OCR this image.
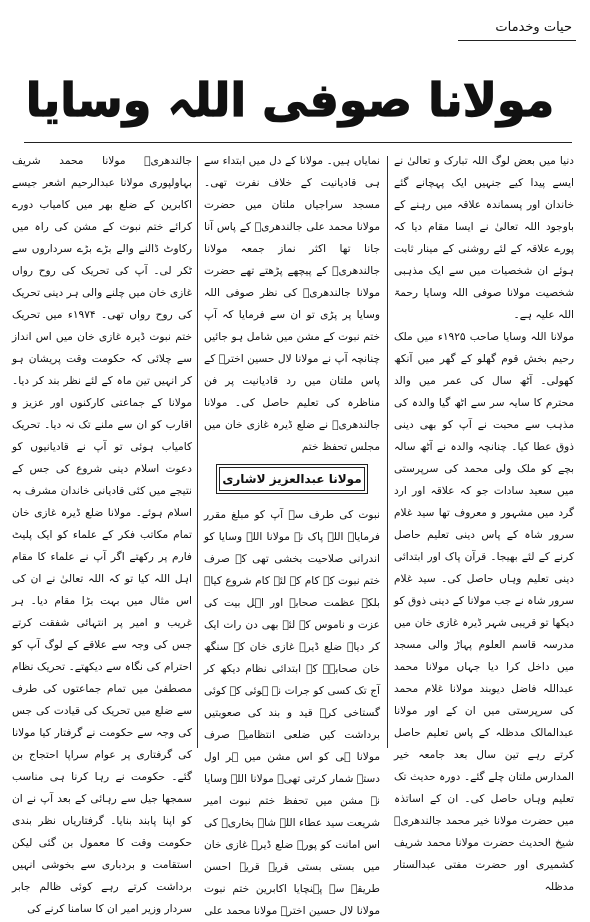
حیات وخدمات
مولانا صوفی اللہ وسایا

دنیا میں بعض لوگ اللہ تبارک و تعالیٰ نے ایسے پیدا کیے جنہیں ایک پہچانے گئے خاندان اور پسماندہ علاقہ میں رہنے کے باوجود اللہ تعالیٰ نے ایسا مقام دیا کہ پورے علاقہ کے لئے روشنی کے مینار ثابت ہوئے ان شخصیات میں سے ایک مذہبی شخصیت مولانا صوفی اللہ وسایا رحمۃ اللہ علیہ ہے۔

مولانا اللہ وسایا صاحب ۱۹۲۵ء میں ملک رحیم بخش قوم گھلو کے گھر میں آنکھ کھولی۔ آٹھ سال کی عمر میں والد محترم کا سایہ سر سے اٹھ گیا والدہ کی مذہب سے محبت نے آپ کو بھی دینی ذوق عطا کیا۔ چنانچہ والدہ نے آٹھ سالہ بچے کو ملک ولی محمد کی سرپرستی میں سعید سادات جو کہ علاقہ اور ارد گرد میں مشہور و معروف تھا سید غلام سرور شاہ کے پاس دینی تعلیم حاصل کرنے کے لئے بھیجا۔ قرآن پاک اور ابتدائی دینی تعلیم وہاں حاصل کی۔ سید غلام سرور شاہ نے جب مولانا کے دینی ذوق کو دیکھا تو قریبی شہر ڈیرہ غازی خان میں مدرسہ قاسم العلوم پہاڑ والی مسجد میں داخل کرا دیا جہاں مولانا محمد عبداللہ فاضل دیوبند مولانا غلام محمد کی سرپرستی میں ان کے اور مولانا عبدالمالک مدظلہ کے پاس تعلیم حاصل کرتے رہے تین سال بعد جامعہ خیر المدارس ملتان چلے گئے۔ دورہ حدیث تک تعلیم وہاں حاصل کی۔ ان کے اساتذہ میں حضرت مولانا خیر محمد جالندھریؒ شیخ الحدیث حضرت مولانا محمد شریف کشمیری اور حضرت مفتی عبدالستار مدظلہ

نمایاں ہیں۔ مولانا کے دل میں ابتداء سے ہی قادیانیت کے خلاف نفرت تھی۔ مسجد سراجیاں ملتان میں حضرت مولانا محمد علی جالندھریؒ کے پاس آنا جانا تھا اکثر نماز جمعہ مولانا جالندھریؒ کے پیچھے پڑھتے تھے حضرت مولانا جالندھریؒ کی نظر صوفی اللہ وسایا پر پڑی تو ان سے فرمایا کہ آپ ختم نبوت کے مشن میں شامل ہو جائیں چنانچہ آپ نے مولانا لال حسین اخترؒ کے پاس ملتان میں رد قادیانیت پر فن مناظرہ کی تعلیم حاصل کی۔ مولانا جالندھریؒ نے ضلع ڈیرہ غازی خان میں مجلس تحفظ ختم

مولانا عبدالعزیز لاشاری

نبوت کی طرف سے آپ کو مبلغ مقرر فرمایا۔ اللہ پاک نے مولانا اللہ وسایا کو اندرانی صلاحیت بخشی تھی کہ صرف ختم نبوت کے کام کے لئے کام شروع کیا۔ بلکہ عظمت صحابہ اور اہل بیت کی عزت و ناموس کے لئے بھی دن رات ایک کر دیا۔ ضلع ڈیرہ غازی خان کے سنگھ خان صحابہؓ کے ابتدائی نظام دیکھ کر آج تک کسی کو جرات نہ ہوئی کہ کوئی گستاخی کرے قید و بند کی صعوبتیں برداشت کیں ضلعی انتظامیہ صرف مولانا ہی کو اس مشن میں ہر اول دستہ شمار کرتی تھی۔ مولانا اللہ وسایا نے مشن میں تحفظ ختم نبوت امیر شریعت سید عطاء اللہ شاہ بخاریؒ کی اس امانت کو پورے ضلع ڈیرہ غازی خان میں بستی بستی قریہ قریہ احسن طریقہ سے پہنچایا اکابرین ختم نبوت مولانا لال حسین اخترؒ مولانا محمد علی

جالندھریؒ مولانا محمد شریف بہاولپوری مولانا عبدالرحیم اشعر جیسے اکابرین کے ضلع بھر میں کامیاب دورے کرائے ختم نبوت کے مشن کی راہ میں رکاوٹ ڈالنے والے بڑے بڑے سرداروں سے ٹکر لی۔ آپ کی تحریک کی روح رواں غازی خان میں چلنے والی ہر دینی تحریک کی روح رواں تھی۔ ۱۹۷۴ء میں تحریک ختم نبوت ڈیرہ غازی خان میں اس انداز سے چلائی کہ حکومت وقت پریشان ہو کر انہیں تین ماہ کے لئے نظر بند کر دیا۔ مولانا کے جماعتی کارکنوں اور عزیز و اقارب کو ان سے ملنے تک نہ دیا۔ تحریک کامیاب ہوئی تو آپ نے قادیانیوں کو دعوت اسلام دینی شروع کی جس کے نتیجے میں کئی قادیانی خاندان مشرف بہ اسلام ہوئے۔ مولانا ضلع ڈیرہ غازی خان تمام مکاتب فکر کے علماء کو ایک پلیٹ فارم پر رکھتے اگر آپ نے علماء کا مقام اہل اللہ کیا تو کہ اللہ تعالیٰ نے ان کی اس مثال میں بہت بڑا مقام دیا۔ ہر غریب و امیر پر انتہائی شفقت کرتے جس کی وجہ سے علاقے کے لوگ آپ کو احترام کی نگاہ سے دیکھتے۔ تحریک نظام مصطفیٰ میں تمام جماعتوں کی طرف سے ضلع میں تحریک کی قیادت کی جس کی وجہ سے حکومت نے گرفتار کیا مولانا کی گرفتاری پر عوام سراپا احتجاج بن گئے۔ حکومت نے رہا کرنا ہی مناسب سمجھا جیل سے رہائی کے بعد آپ نے ان کو اپنا پابند بنایا۔ گرفتاریاں نظر بندی حکومت وقت کا معمول بن گئی لیکن استقامت و بردباری سے بخوشی انہیں برداشت کرتے رہے کوئی ظالم جابر سردار وزیر امیر ان کا سامنا کرنے کی
